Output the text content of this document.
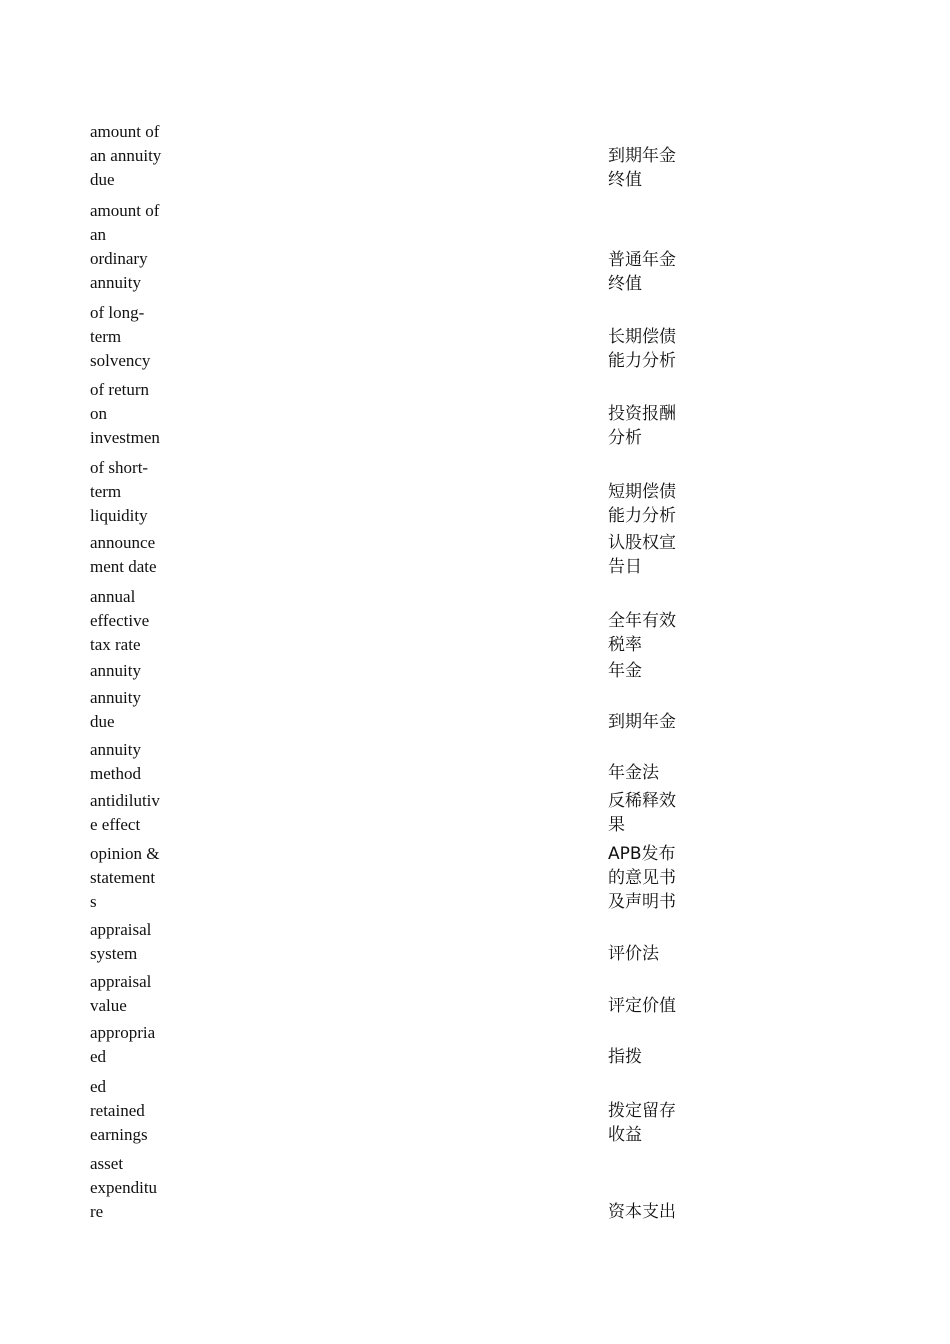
amount of
an annuity
due
到期年金
终值
amount of
an
ordinary
annuity
普通年金
终值
of long-
term
solvency
长期偿债
能力分析
of return
on
investmen
投资报酬
分析
of short-
term
liquidity
短期偿债
能力分析
announce
ment date
认股权宣
告日
annual
effective
tax rate
全年有效
税率
annuity	年金
annuity
due	到期年金
annuity
method	年金法
antidilutiv
e effect
反稀释效
果
opinion &
statement
s
APB发布
的意见书
及声明书
appraisal
system	评价法
appraisal
value	评定价值
appropria
ed	指拨
ed
retained
earnings
拨定留存
收益
asset
expenditu
re	资本支出
